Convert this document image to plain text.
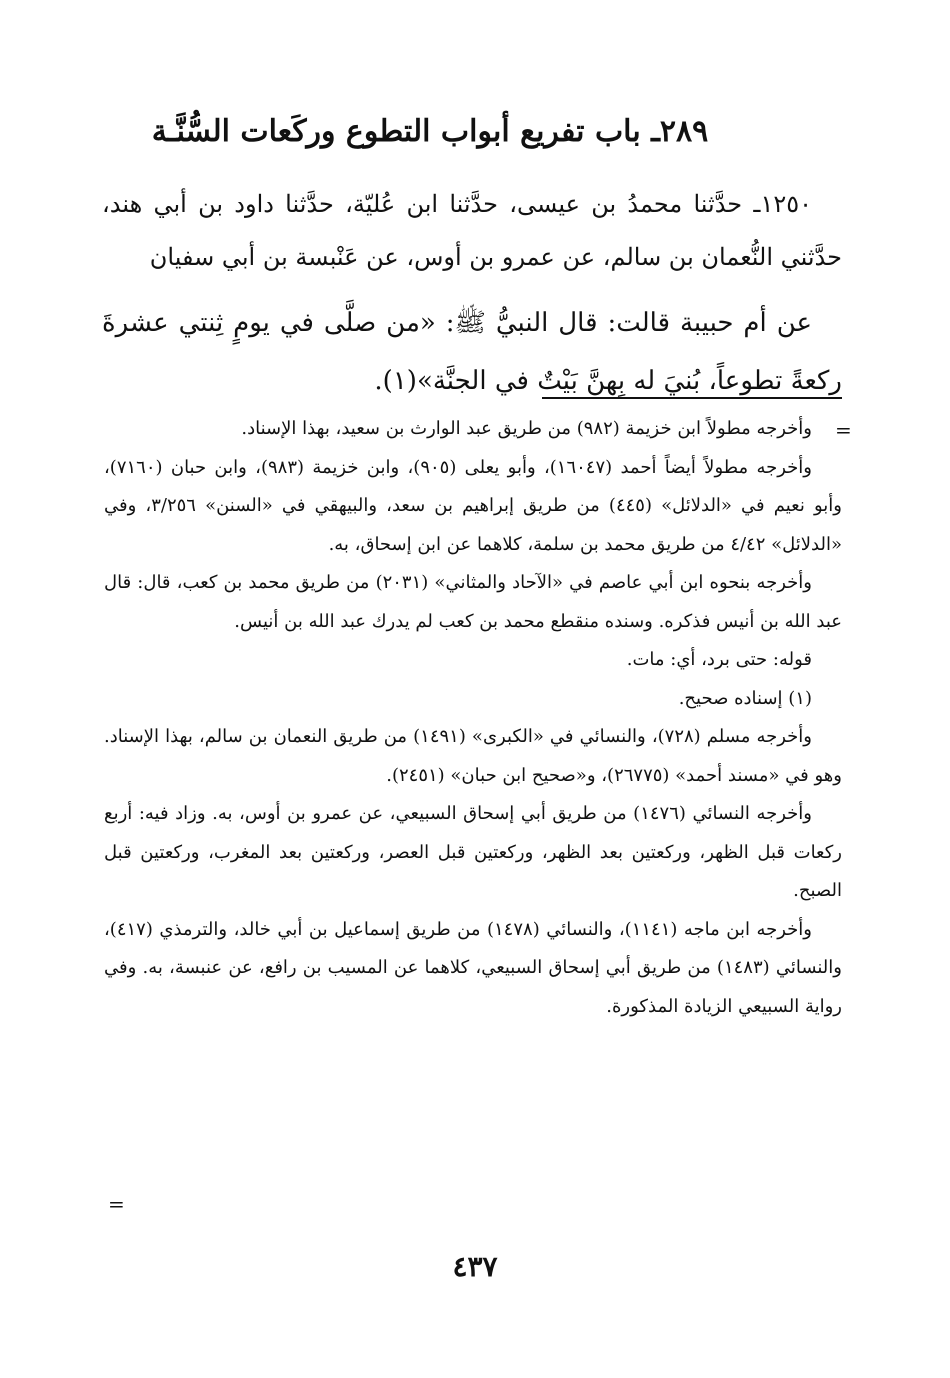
٢٨٩ـ باب تفريع أبواب التطوع وركَعات السُّنَّـة

١٢٥٠ـ حدَّثنا محمدُ بن عيسى، حدَّثنا ابن عُليّة، حدَّثنا داود بن أبي هند، حدَّثني النُّعمان بن سالم، عن عمرو بن أوس، عن عَنْبسة بن أبي سفيان

عن أم حبيبة قالت: قال النبيُّ ﷺ: «من صلَّى في يومٍ ثِنتي عشرةَ ركعةً تطوعاً، بُنيَ له بِهنَّ بَيْتٌ في الجنَّة»(١).

=

وأخرجه مطولاً ابن خزيمة (٩٨٢) من طريق عبد الوارث بن سعيد، بهذا الإسناد.

وأخرجه مطولاً أيضاً أحمد (١٦٠٤٧)، وأبو يعلى (٩٠٥)، وابن خزيمة (٩٨٣)، وابن حبان (٧١٦٠)، وأبو نعيم في «الدلائل» (٤٤٥) من طريق إبراهيم بن سعد، والبيهقي في «السنن» ٣/٢٥٦، وفي «الدلائل» ٤/٤٢ من طريق محمد بن سلمة، كلاهما عن ابن إسحاق، به.

وأخرجه بنحوه ابن أبي عاصم في «الآحاد والمثاني» (٢٠٣١) من طريق محمد بن كعب، قال: قال عبد الله بن أنيس فذكره. وسنده منقطع محمد بن كعب لم يدرك عبد الله بن أنيس.

قوله: حتى برد، أي: مات.

(١) إسناده صحيح.

وأخرجه مسلم (٧٢٨)، والنسائي في «الكبرى» (١٤٩١) من طريق النعمان بن سالم، بهذا الإسناد. وهو في «مسند أحمد» (٢٦٧٧٥)، و«صحيح ابن حبان» (٢٤٥١).

وأخرجه النسائي (١٤٧٦) من طريق أبي إسحاق السبيعي، عن عمرو بن أوس، به. وزاد فيه: أربع ركعات قبل الظهر، وركعتين بعد الظهر، وركعتين قبل العصر، وركعتين بعد المغرب، وركعتين قبل الصبح.

وأخرجه ابن ماجه (١١٤١)، والنسائي (١٤٧٨) من طريق إسماعيل بن أبي خالد، والترمذي (٤١٧)، والنسائي (١٤٨٣) من طريق أبي إسحاق السبيعي، كلاهما عن المسيب بن رافع، عن عنبسة، به. وفي رواية السبيعي الزيادة المذكورة.

=
٤٣٧
